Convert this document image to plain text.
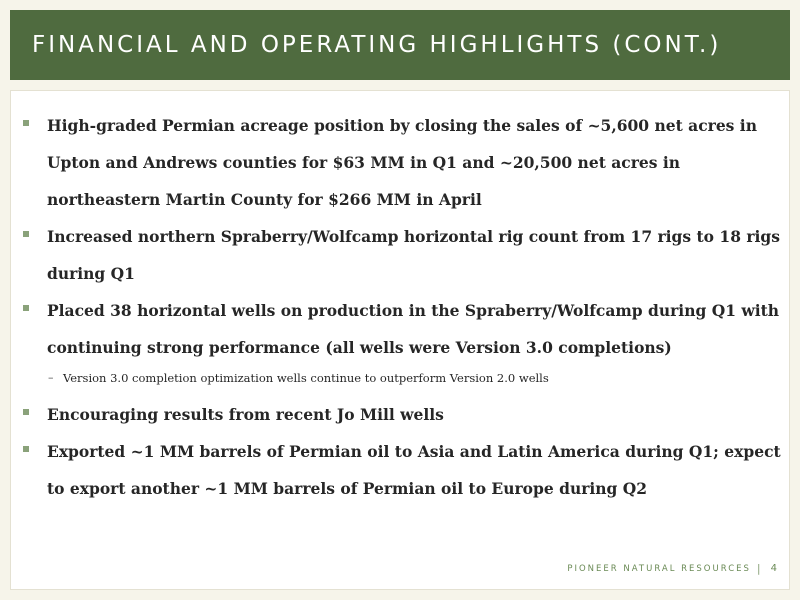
FINANCIAL AND OPERATING HIGHLIGHTS (CONT.)
High-graded Permian acreage position by closing the sales of ~5,600 net acres in Upton and Andrews counties for $63 MM in Q1 and ~20,500 net acres in northeastern Martin County for $266 MM in April
Increased northern Spraberry/Wolfcamp horizontal rig count from 17 rigs to 18 rigs during Q1
Placed 38 horizontal wells on production in the Spraberry/Wolfcamp during Q1 with continuing strong performance (all wells were Version 3.0 completions)
– Version 3.0 completion optimization wells continue to outperform Version 2.0 wells
Encouraging results from recent Jo Mill wells
Exported ~1 MM barrels of Permian oil to Asia and Latin America during Q1; expect to export another ~1 MM barrels of Permian oil to Europe during Q2
PIONEER NATURAL RESOURCES | 4
